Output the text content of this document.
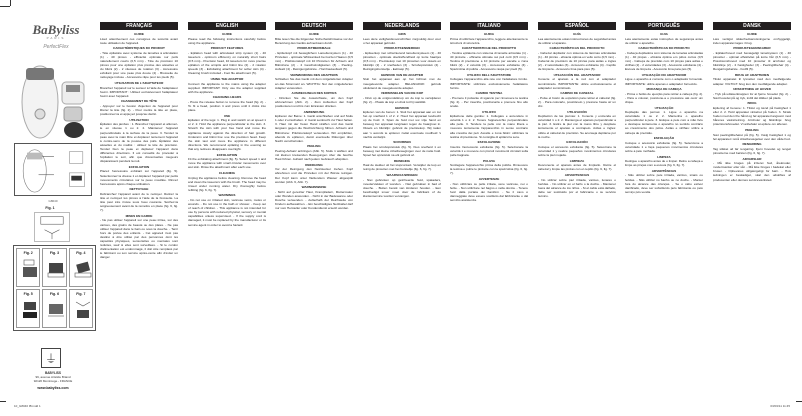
BaByliss
PARIS
PerfectFlex
G8040
Fig. 1
Fig. 2	Fig. 3	Fig. 4
Fig. 5	Fig. 6	Fig. 7
⏚
BABYLISS
99, avenue Aristide Briand
92120 Montrouge - FRANCE
www.babyliss.com
FRANÇAIS
GUIDE

Lisez attentivement ces consignes de sécurité avant toute utilisation de l'appareil.

CARACTÉRISTIQUES DU PRODUIT

- Tête épilatoire avec système de lamelles à articulation (1) - 40 pinces - efficacité optimale sur poils naturellement courts (0,5 mm) - Tête de précision 10 pinces pour une épilation plus précise des aisselles et du bikini (2) - 2 vitesses de rotation (3) - Accessoire exfoliant pour une peau plus douce (4) - Brossette de nettoyage incluse - Accessoire râpe pour les pieds (5).

UTILISATION DE L'ADAPTATEUR

Branchez l'appareil sur le secteur à l'aide de l'adaptateur fourni. IMPORTANT : Utilisez exclusivement l'adaptateur fourni avec l'appareil.

CHANGEMENT DE TÊTE

- Appuyez sur le bouton d'éjection de l'appareil pour libérer la tête (fig. 2). - Pour mettre la tête en place, positionnez-la et appuyez jusqu'au déclic.

UTILISATION

Épilation des jambes : 1. Branchez l'appareil et allumez-le en vitesse 1 ou 2. 2. Maintenez l'appareil perpendiculaire à la surface de la peau. 3. Tendez la peau avec la main libre et déplacez lentement l'appareil à contre-sens de la pousse des poils. Épilation des aisselles et du maillot : utilisez la tête de précision. Tendez bien la peau et déplacez l'appareil dans différentes directions. Il est conseillé de procéder à l'épilation le soir, afin que d'éventuelles rougeurs disparaissent pendant la nuit.

EXFOLIATION

Placez l'accessoire exfoliant sur l'appareil (fig. 5). Sélectionnez la vitesse 1 et déplacez l'appareil par petits mouvements circulaires sur la peau mouillée. Rincez l'accessoire après chaque utilisation.

NETTOYAGE

Débranchez l'appareil avant de le nettoyer. Retirez la tête et nettoyez les pinces à l'aide de la brossette. La tête peut être rincée sous l'eau courante. Séchez-la soigneusement avant de la remettre en place (fig. 6, fig. 7).

MISES EN GARDE

- Ne pas utiliser l'appareil sur une peau irritée, sur des varices, des grains de beauté ou des plaies. - Ne pas utiliser l'appareil dans le bain ou sous la douche. - Tenir hors de portée des enfants. - Cet appareil n'est pas destiné à être utilisé par des personnes dont les capacités physiques, sensorielles ou mentales sont réduites, sauf si elles sont surveillées. - Si le cordon d'alimentation est endommagé, il doit être remplacé par le fabricant ou son service après-vente afin d'éviter un danger.

ENGLISH
GUIDE

Please read the following instructions carefully before using the appliance.

PRODUCT FEATURES

- Epilation head with articulated strip system (1) - 40 tweezers - optimum efficiency on naturally short hairs (0.5 mm) - Precision head, 10 tweezers for more precise epilation of the armpits and bikini line (2) - 2 rotation speeds (3) - Exfoliating attachment for softer skin (4) - Cleaning brush included - Foot file attachment (5).

USING THE ADAPTOR

Connect the appliance to the mains using the adaptor supplied. IMPORTANT: Only use the adaptor supplied with the appliance.

CHANGING HEADS

- Press the release button to remove the head (fig. 2). - To fit a head, position it and press until it clicks into place.

USE

Epilation of the legs: 1. Plug in and switch on at speed 1 or 2. 2. Hold the appliance perpendicular to the skin. 3. Stretch the skin with your free hand and move the appliance slowly against the direction of hair growth. Underarm and bikini line: use the precision head. Keep the skin taut and move the appliance in different directions. We recommend epilating in the evening so that any redness disappears overnight.

EXFOLIATION

Fit the exfoliating attachment (fig. 5). Select speed 1 and move the appliance with small circular movements over wet skin. Rinse the attachment after each use.

CLEANING

Unplug the appliance before cleaning. Remove the head and clean the tweezers with the brush. The head may be rinsed under running water. Dry thoroughly before refitting (fig. 6, fig. 7).

WARNINGS

- Do not use on irritated skin, varicose veins, moles or wounds. - Do not use in the bath or shower. - Keep out of reach of children. - This appliance is not intended for use by persons with reduced physical, sensory or mental capabilities unless supervised. - If the supply cord is damaged, it must be replaced by the manufacturer or its service agent in order to avoid a hazard.

DEUTSCH
GUIDE

Bitte lesen Sie die folgenden Sicherheitshinweise vor der Benutzung des Geräts aufmerksam durch.

PRODUKTMERKMALE

- Epilierkopf mit beweglichem Lamellensystem (1) - 40 Pinzetten - optimale Wirksamkeit bei kurzen Haaren (0,5 mm) - Präzisionskopf mit 10 Pinzetten für Achseln und Bikinizone (2) - 2 Geschwindigkeiten (3) - Peeling-Aufsatz (4) - Reinigungsbürste - Hornhautaufsatz (5).

VERWENDUNG DES ADAPTERS

Schließen Sie das Gerät mit dem mitgelieferten Adapter an das Stromnetz an. WICHTIG: Nur den mitgelieferten Adapter verwenden.

AUSWECHSELN DES KOPFES

- Drücken Sie die Auswurftaste, um den Kopf abzunehmen (Abb. 2). - Zum Aufsetzen den Kopf positionieren und bis zum Einrasten drücken.

ANWENDUNG

Epilieren der Beine: 1. Gerät anschließen und auf Stufe 1 oder 2 einschalten. 2. Gerät senkrecht zur Haut halten. 3. Haut mit der freien Hand straffen und das Gerät langsam gegen die Wuchsrichtung führen. Achseln und Bikinizone: Präzisionskopf verwenden. Wir empfehlen, abends zu epilieren, damit eventuelle Rötungen über Nacht verschwinden.

PEELING

Peeling-Aufsatz anbringen (Abb. 5). Stufe 1 wählen und mit kleinen kreisenden Bewegungen über die feuchte Haut führen. Aufsatz nach jedem Gebrauch abspülen.

REINIGUNG

Vor der Reinigung den Netzstecker ziehen. Kopf abnehmen und die Pinzetten mit der Bürste reinigen. Der Kopf kann unter fließendem Wasser abgespült werden (Abb. 6, Abb. 7).

WARNHINWEISE

- Nicht auf gereizter Haut, Krampfadern, Muttermalen oder Wunden anwenden. - Nicht in der Badewanne oder Dusche verwenden. - Außerhalb der Reichweite von Kindern aufbewahren. - Ein beschädigtes Netzkabel darf nur vom Hersteller oder Kundendienst ersetzt werden.

NEDERLANDS
GIDS

Lees deze veiligheidsvoorschriften zorgvuldig door voor u het apparaat gebruikt.

PRODUCTKENMERKEN

- Epileerkop met scharnierend lamellensysteem (1) - 40 pincetten - optimale doeltreffendheid op korte haartjes (0,5 mm) - Precisiekop met 10 pincetten voor oksels en bikinilijn (2) - 2 snelheden (3) - Scrubopzetstuk (4) - Reinigingsborsteltje - Eeltrasp (5).

GEBRUIK VAN DE ADAPTER

Sluit het apparaat aan op het lichtnet met de meegeleverde adapter. BELANGRIJK: gebruik uitsluitend de meegeleverde adapter.

VERWISSELEN VAN DE KOP

- Druk op de ontgrendelknop om de kop te verwijderen (fig. 2). - Plaats de kop en druk tot hij vastklikt.

GEBRUIK

Epileren van de benen: 1. Sluit het apparaat aan en zet het op snelheid 1 of 2. 2. Houd het apparaat loodrecht op de huid. 3. Span de huid met uw vrije hand en beweeg het apparaat langzaam tegen de haargroei in. Oksels en bikinilijn: gebruik de precisiekop. Wij raden aan 's avonds te epileren zodat eventuele roodheid 's nachts verdwijnt.

SCRUBBEN

Plaats het scrubopzetstuk (fig. 5). Kies snelheid 1 en beweeg met kleine cirkelbewegingen over de natte huid. Spoel het opzetstuk na elk gebruik af.

REINIGING

Haal de stekker uit het stopcontact. Verwijder de kop en reinig de pincetten met het borsteltje (fig. 6, fig. 7).

WAARSCHUWINGEN

- Niet gebruiken op geïrriteerde huid, spataders, moedervlekken of wonden. - Niet gebruiken in bad of douche. - Buiten bereik van kinderen houden. - Een beschadigd snoer moet door de fabrikant of de klantenservice worden vervangen.

ITALIANO
GUIDA

Prima di utilizzare l'apparecchio, leggere attentamente le istruzioni di sicurezza.

CARATTERISTICHE DEL PRODOTTO

- Testina epilatoria con sistema di lamelle articolate (1) - 40 pinzette - efficacia ottimale sui peli corti (0,5 mm) - Testina di precisione a 10 pinzette per ascelle e zona bikini (2) - 2 velocità (3) - Accessorio esfoliante (4) - Spazzolina di pulizia - Accessorio raspa per piedi (5).

UTILIZZO DELL'ADATTATORE

Collegare l'apparecchio alla rete con l'adattatore fornito. IMPORTANTE: utilizzare esclusivamente l'adattatore fornito.

CAMBIO TESTINA

- Premere il pulsante di sgancio per rimuovere la testina (fig. 2). - Per inserirla, posizionarla e premere fino allo scatto.

UTILIZZO

Epilazione delle gambe: 1. Collegare e accendere in velocità 1 o 2. 2. Tenere l'apparecchio perpendicolare alla pelle. 3. Tendere la pelle con la mano libera e muovere lentamente l'apparecchio in senso contrario alla crescita dei peli. Ascelle e zona bikini: utilizzare la testina di precisione. Si consiglia di epilarsi la sera.

ESFOLIAZIONE

Inserire l'accessorio esfoliante (fig. 5). Selezionare la velocità 1 e muovere con piccoli movimenti circolari sulla pelle bagnata.

PULIZIA

Scollegare l'apparecchio prima della pulizia. Rimuovere la testina e pulire le pinzette con la spazzolina (fig. 6, fig. 7).

AVVERTENZE

- Non utilizzare su pelle irritata, vene varicose, nei o ferite. - Non utilizzare nel bagno o nella doccia. - Tenere fuori dalla portata dei bambini. - Se il cavo è danneggiato deve essere sostituito dal fabbricante o dal servizio assistenza.

ESPAÑOL
GUÍA

Lea atentamente estas instrucciones de seguridad antes de utilizar el aparato.

CARACTERÍSTICAS DEL PRODUCTO

- Cabezal depilador con sistema de láminas articuladas (1) - 40 pinzas - eficacia óptima en vello corto (0,5 mm) - Cabezal de precisión de 10 pinzas para axilas e ingles (2) - 2 velocidades (3) - Accesorio exfoliante (4) - Cepillo de limpieza - Accesorio lima para pies (5).

UTILIZACIÓN DEL ADAPTADOR

Conecte el aparato a la red con el adaptador suministrado. IMPORTANTE: utilice exclusivamente el adaptador suministrado.

CAMBIO DE CABEZAL

- Pulse el botón de expulsión para retirar el cabezal (fig. 2). - Para colocarlo, posiciónelo y presione hasta oír un clic.

UTILIZACIÓN

Depilación de las piernas: 1. Conecte y encienda en velocidad 1 o 2. 2. Mantenga el aparato perpendicular a la piel. 3. Estire la piel con la mano libre y desplace lentamente el aparato a contrapelo. Axilas e ingles: utilice el cabezal de precisión. Se aconseja depilarse por la noche.

EXFOLIACIÓN

Coloque el accesorio exfoliante (fig. 5). Seleccione la velocidad 1 y realice pequeños movimientos circulares sobre la piel mojada.

LIMPIEZA

Desconecte el aparato antes de limpiarlo. Retire el cabezal y limpie las pinzas con el cepillo (fig. 6, fig. 7).

ADVERTENCIAS

- No utilizar sobre piel irritada, varices, lunares o heridas. - No utilizar en el baño o la ducha. - Mantener fuera del alcance de los niños. - Si el cable está dañado, debe ser sustituido por el fabricante o su servicio técnico.

PORTUGUÊS
GUIA

Leia atentamente estas instruções de segurança antes de utilizar o aparelho.

CARACTERÍSTICAS DO PRODUTO

- Cabeça depiladora com sistema de lamelas articuladas (1) - 40 pinças - eficácia óptima em pêlos curtos (0,5 mm) - Cabeça de precisão com 10 pinças para axilas e virilhas (2) - 2 velocidades (3) - Acessório esfoliante (4) - Escova de limpeza - Acessório lima para pés (5).

UTILIZAÇÃO DO ADAPTADOR

Ligue o aparelho à corrente com o adaptador fornecido. IMPORTANTE: utilize apenas o adaptador fornecido.

MUDANÇA DE CABEÇA

- Prima o botão de ejecção para retirar a cabeça (fig. 2). - Para a colocar, posicione-a e pressione até ouvir um clique.

UTILIZAÇÃO

Depilação das pernas: 1. Ligue o aparelho na velocidade 1 ou 2. 2. Mantenha o aparelho perpendicular à pele. 3. Estique a pele com a mão livre e desloque lentamente o aparelho no sentido contrário ao crescimento dos pêlos. Axilas e virilhas: utilize a cabeça de precisão.

ESFOLIAÇÃO

Coloque o acessório esfoliante (fig. 5). Seleccione a velocidade 1 e faça pequenos movimentos circulares sobre a pele molhada.

LIMPEZA

Desligue o aparelho antes de o limpar. Retire a cabeça e limpe as pinças com a escova (fig. 6, fig. 7).

ADVERTÊNCIAS

- Não utilizar sobre pele irritada, varizes, sinais ou feridas. - Não utilizar no banho ou no duche. - Manter fora do alcance das crianças. - Se o cabo estiver danificado, deve ser substituído pelo fabricante ou pelo serviço pós-venda.

DANSK
GUIDE

Læs venligst sikkerhedsanvisningerne omhyggeligt, inden apparatet tages i brug.

PRODUKTEGENSKABER

- Epilatorhoved med bevægeligt lamelsystem (1) - 40 pincetter - optimal effektivitet på korte hår (0,5 mm) - Præcisionshoved med 10 pincetter til armhuler og bikinilinje (2) - 2 hastigheder (3) - Peelingtilbehør (4) - Rengøringsbørste - Fodfil (5).

BRUG AF ADAPTEREN

Tilslut apparatet til lysnettet med den medfølgende adapter. VIGTIGT: brug kun den medfølgende adapter.

UDSKIFTNING AF HOVED

- Tryk på udløserknappen for at fjerne hovedet (fig. 2). - Sæt hovedet på og tryk, indtil det klikker på plads.

BRUG

Epilering af benene: 1. Tilslut og tænd på hastighed 1 eller 2. 2. Hold apparatet vinkelret på huden. 3. Stræk huden med den frie hånd og før apparatet langsomt mod hårenes vækstretning. Armhuler og bikinilinje: brug præcisionshovedet. Vi anbefaler at epilere om aftenen.

PEELING

Sæt peelingtilbehøret på (fig. 5). Vælg hastighed 1 og før apparatet i små cirkelbevægelser over den våde hud.

RENGØRING

Tag stikket ud før rengøring. Fjern hovedet og rengør pincetterne med børsten (fig. 6, fig. 7).

ADVARSLER

- Må ikke bruges på irriteret hud, åreknuder, modermærker eller sår. - Må ikke bruges i badekar eller bruser. - Opbevares utilgængeligt for børn. - Hvis ledningen er beskadiget, skal den udskiftes af producenten eller dennes serviceværksted.

10_G8040 IB.indd 1	03/03/11 11:45
